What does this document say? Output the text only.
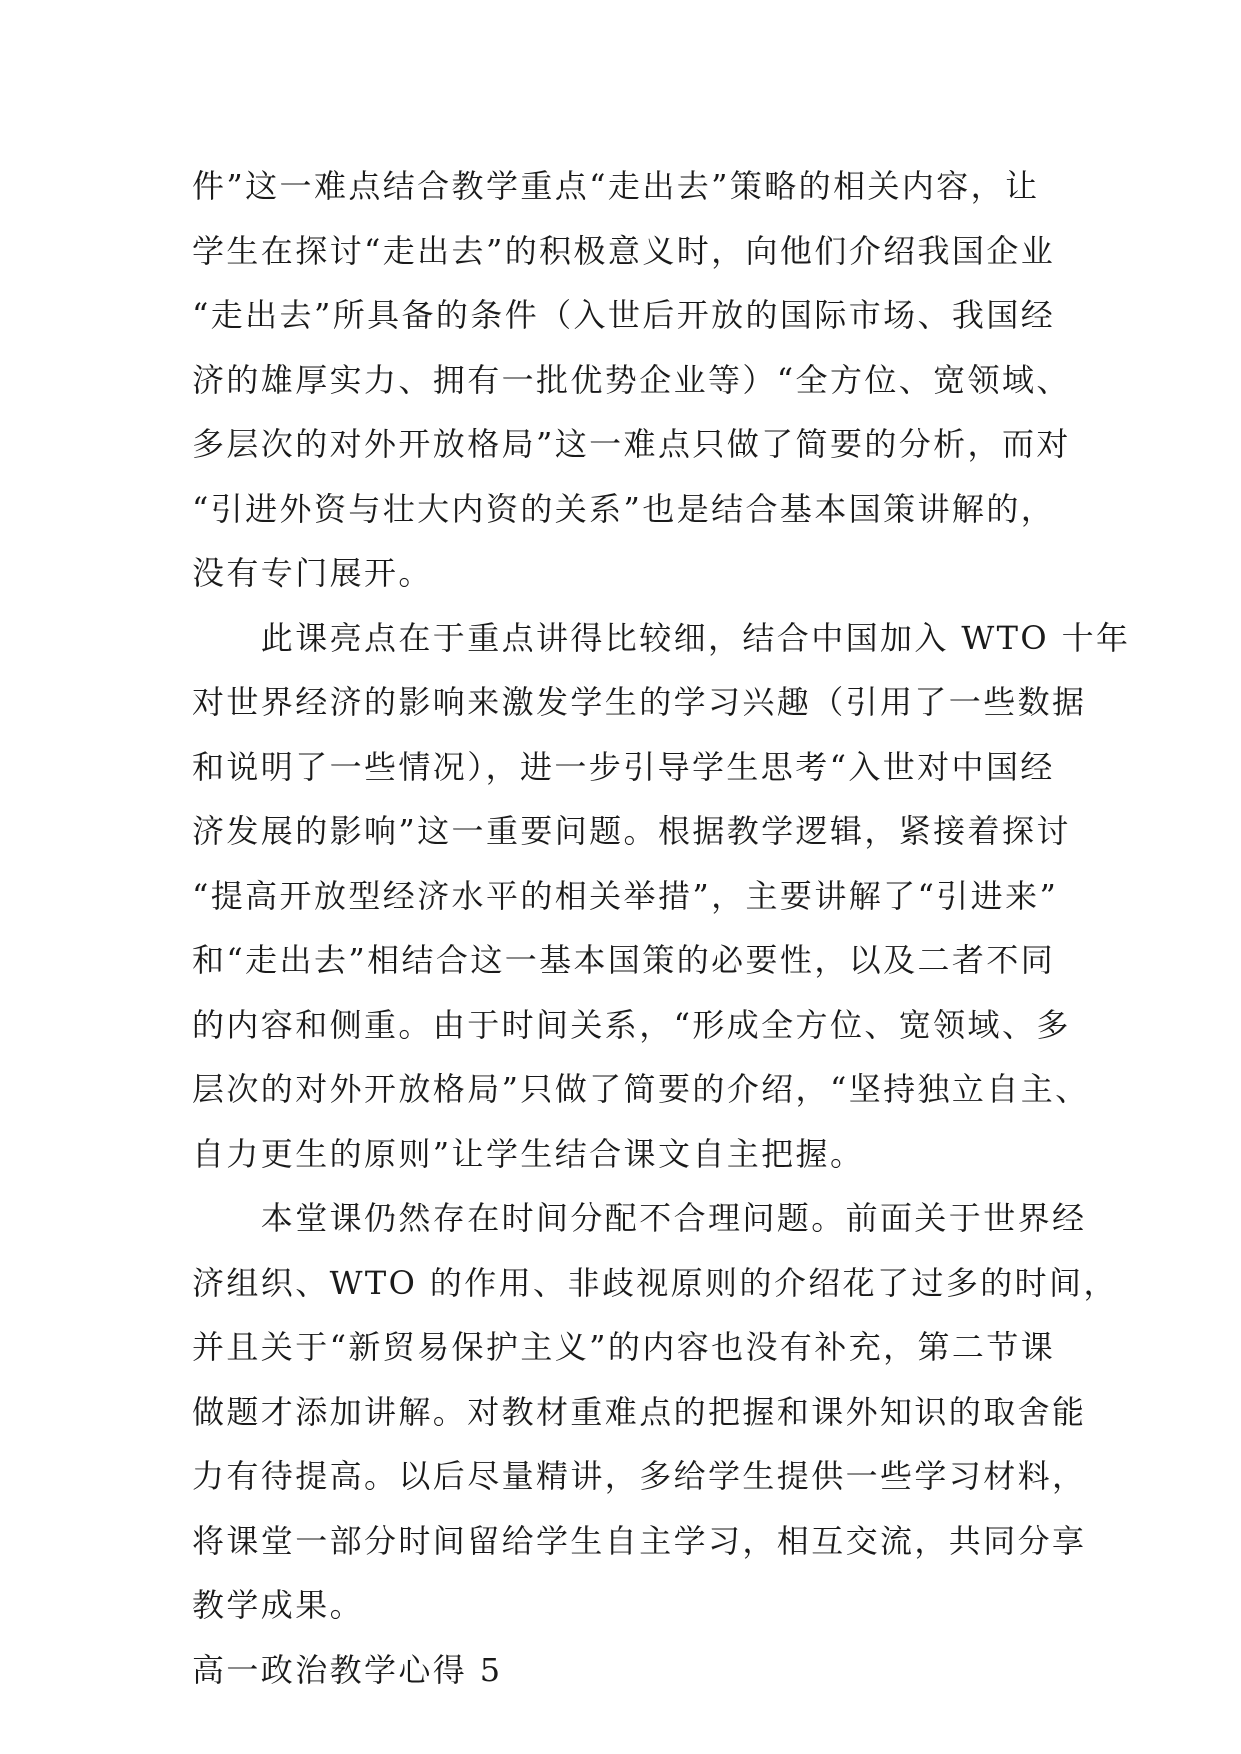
件”这一难点结合教学重点“走出去”策略的相关内容，让
学生在探讨“走出去”的积极意义时，向他们介绍我国企业
“走出去”所具备的条件（入世后开放的国际市场、我国经
济的雄厚实力、拥有一批优势企业等）“全方位、宽领域、
多层次的对外开放格局”这一难点只做了简要的分析，而对
“引进外资与壮大内资的关系”也是结合基本国策讲解的，
没有专门展开。
　　此课亮点在于重点讲得比较细，结合中国加入 WTO 十年
对世界经济的影响来激发学生的学习兴趣（引用了一些数据
和说明了一些情况），进一步引导学生思考“入世对中国经
济发展的影响”这一重要问题。根据教学逻辑，紧接着探讨
“提高开放型经济水平的相关举措”，主要讲解了“引进来”
和“走出去”相结合这一基本国策的必要性，以及二者不同
的内容和侧重。由于时间关系，“形成全方位、宽领域、多
层次的对外开放格局”只做了简要的介绍，“坚持独立自主、
自力更生的原则”让学生结合课文自主把握。
　　本堂课仍然存在时间分配不合理问题。前面关于世界经
济组织、WTO 的作用、非歧视原则的介绍花了过多的时间，
并且关于“新贸易保护主义”的内容也没有补充，第二节课
做题才添加讲解。对教材重难点的把握和课外知识的取舍能
力有待提高。以后尽量精讲，多给学生提供一些学习材料，
将课堂一部分时间留给学生自主学习，相互交流，共同分享
教学成果。
高一政治教学心得 5
